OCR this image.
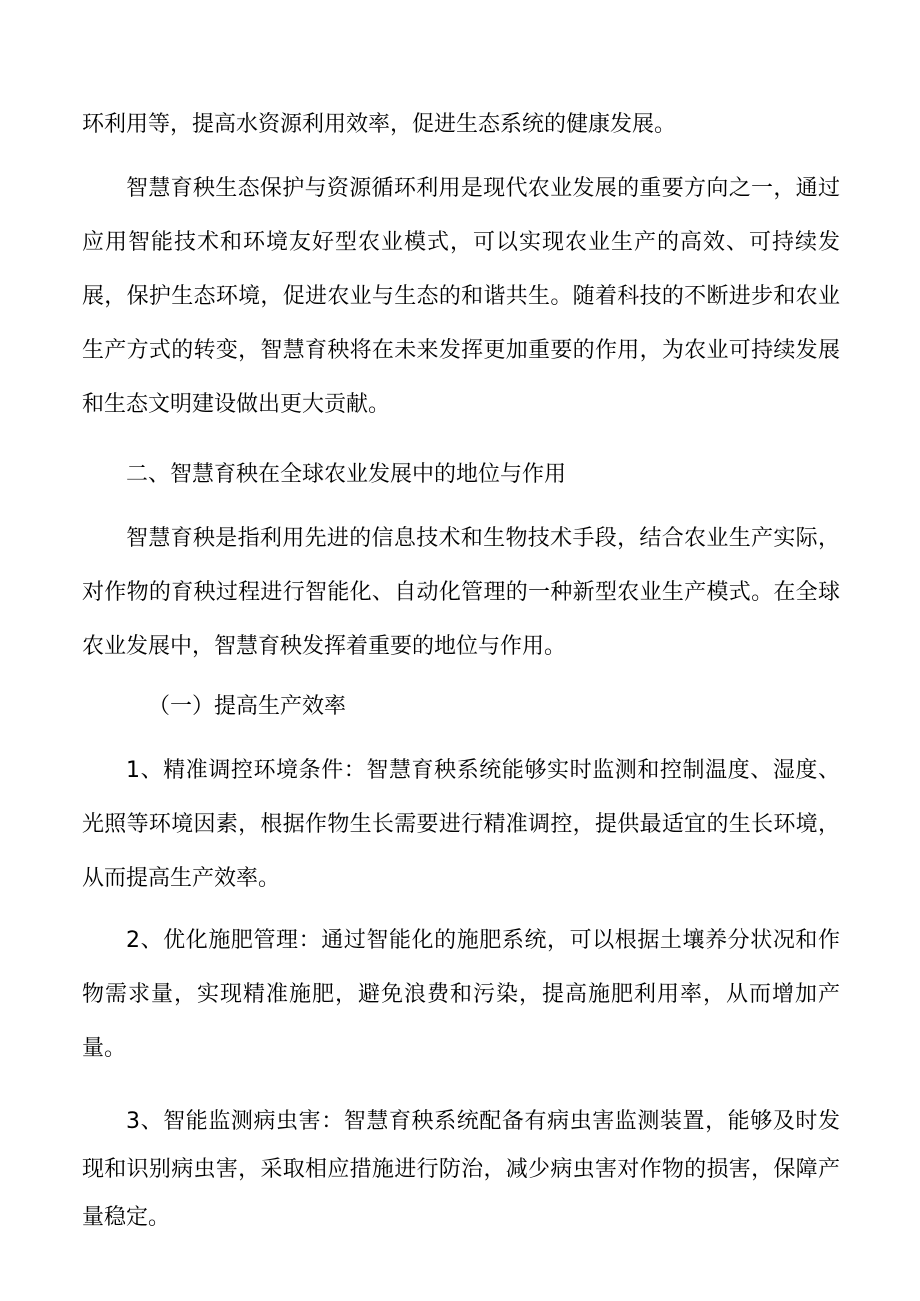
环利用等，提高水资源利用效率，促进生态系统的健康发展。

智慧育秧生态保护与资源循环利用是现代农业发展的重要方向之一，通过应用智能技术和环境友好型农业模式，可以实现农业生产的高效、可持续发展，保护生态环境，促进农业与生态的和谐共生。随着科技的不断进步和农业生产方式的转变，智慧育秧将在未来发挥更加重要的作用，为农业可持续发展和生态文明建设做出更大贡献。

二、智慧育秧在全球农业发展中的地位与作用

智慧育秧是指利用先进的信息技术和生物技术手段，结合农业生产实际，对作物的育秧过程进行智能化、自动化管理的一种新型农业生产模式。在全球农业发展中，智慧育秧发挥着重要的地位与作用。

（一）提高生产效率

1、精准调控环境条件：智慧育秧系统能够实时监测和控制温度、湿度、光照等环境因素，根据作物生长需要进行精准调控，提供最适宜的生长环境，从而提高生产效率。

2、优化施肥管理：通过智能化的施肥系统，可以根据土壤养分状况和作物需求量，实现精准施肥，避免浪费和污染，提高施肥利用率，从而增加产量。

3、智能监测病虫害：智慧育秧系统配备有病虫害监测装置，能够及时发现和识别病虫害，采取相应措施进行防治，减少病虫害对作物的损害，保障产量稳定。
